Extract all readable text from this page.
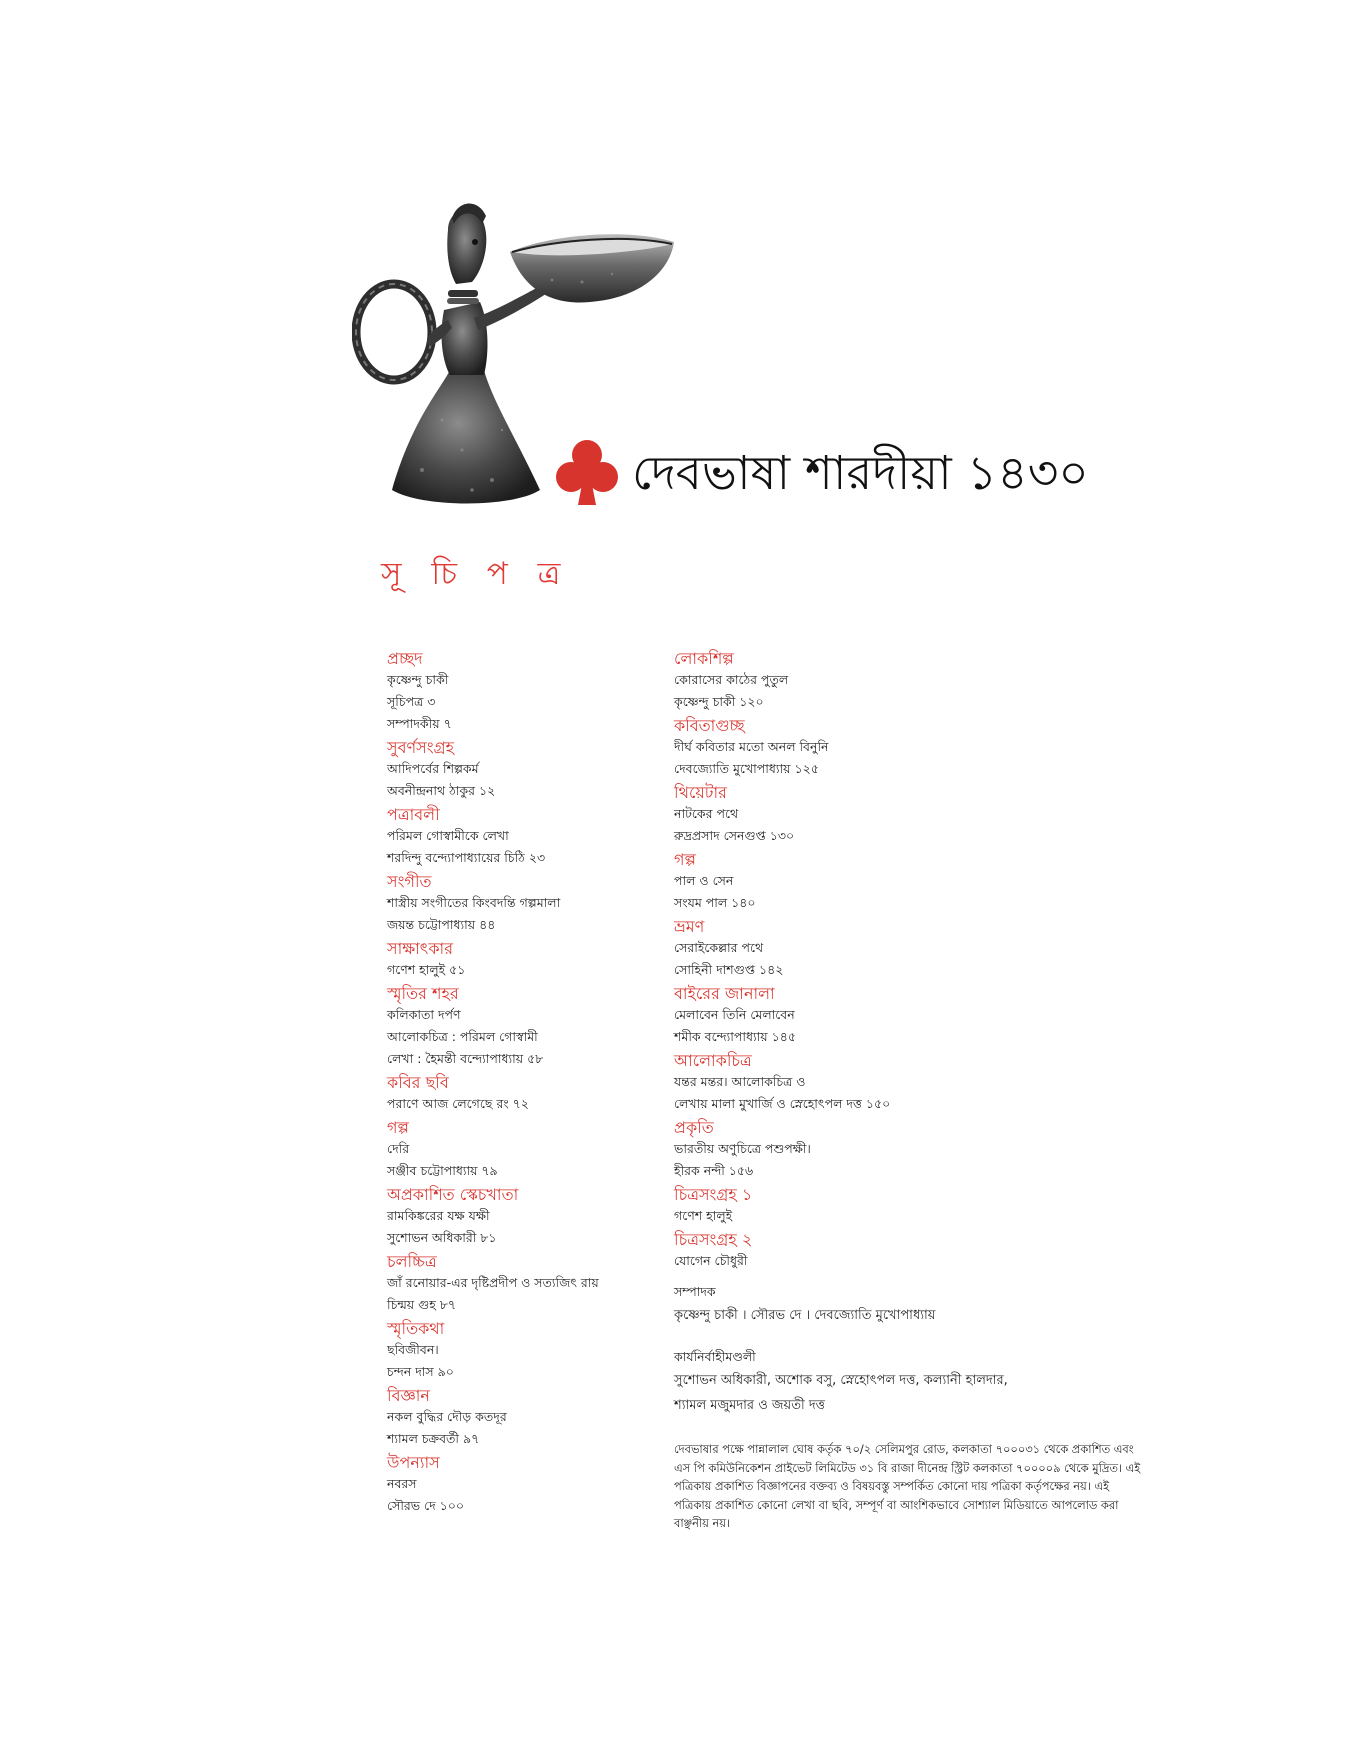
দেবভাষা শারদীয়া ১৪৩০
সূ চি প ত্র
প্রচ্ছদ
কৃষ্ণেন্দু চাকী
সূচিপত্র ৩
সম্পাদকীয় ৭
সুবর্ণসংগ্রহ
আদিপর্বের শিল্পকর্ম
অবনীন্দ্রনাথ ঠাকুর ১২
পত্রাবলী
পরিমল গোস্বামীকে লেখা
শরদিন্দু বন্দ্যোপাধ্যায়ের চিঠি ২৩
সংগীত
শাস্ত্রীয় সংগীতের কিংবদন্তি গল্পমালা
জয়ন্ত চট্টোপাধ্যায় ৪৪
সাক্ষাৎকার
গণেশ হালুই ৫১
স্মৃতির শহর
কলিকাতা দর্পণ
আলোকচিত্র : পরিমল গোস্বামী
লেখা : হৈমন্তী বন্দ্যোপাধ্যায় ৫৮
কবির ছবি
পরাণে আজ লেগেছে রং ৭২
গল্প
দেরি
সঞ্জীব চট্টোপাধ্যায় ৭৯
অপ্রকাশিত স্কেচখাতা
রামকিঙ্করের যক্ষ যক্ষী
সুশোভন অধিকারী ৮১
চলচ্চিত্র
জাঁ রনোয়ার-এর দৃষ্টিপ্রদীপ ও সত্যজিৎ রায়
চিন্ময় গুহ ৮৭
স্মৃতিকথা
ছবিজীবন।
চন্দন দাস ৯০
বিজ্ঞান
নকল বুদ্ধির দৌড় কতদূর
শ্যামল চক্রবর্তী ৯৭
উপন্যাস
নবরস
সৌরভ দে ১০০
লোকশিল্প
কোরাসের কাঠের পুতুল
কৃষ্ণেন্দু চাকী ১২০
কবিতাগুচ্ছ
দীর্ঘ কবিতার মতো অনল বিনুনি
দেবজ্যোতি মুখোপাধ্যায় ১২৫
থিয়েটার
নাটকের পথে
রুদ্রপ্রসাদ সেনগুপ্ত ১৩০
গল্প
পাল ও সেন
সংযম পাল ১৪০
ভ্রমণ
সেরাইকেল্লার পথে
সোহিনী দাশগুপ্ত ১৪২
বাইরের জানালা
মেলাবেন তিনি মেলাবেন
শমীক বন্দ্যোপাধ্যায় ১৪৫
আলোকচিত্র
যন্তর মন্তর। আলোকচিত্র ও
লেখায় মালা মুখার্জি ও স্নেহোৎপল দত্ত ১৫০
প্রকৃতি
ভারতীয় অণুচিত্রে পশুপক্ষী।
হীরক নন্দী ১৫৬
চিত্রসংগ্রহ ১
গণেশ হালুই
চিত্রসংগ্রহ ২
যোগেন চৌধুরী
সম্পাদক
কৃষ্ণেন্দু চাকী । সৌরভ দে । দেবজ্যোতি মুখোপাধ্যায়
কার্যনির্বাহীমণ্ডলী
সুশোভন অধিকারী, অশোক বসু, স্নেহোৎপল দত্ত, কল্যানী হালদার,
শ্যামল মজুমদার ও জয়তী দত্ত
দেবভাষার পক্ষে পান্নালাল ঘোষ কর্তৃক ৭০/২ সেলিমপুর রোড, কলকাতা ৭০০০৩১ থেকে প্রকাশিত এবং এস পি কমিউনিকেশন প্রাইভেট লিমিটেড ৩১ বি রাজা দীনেন্দ্র স্ট্রিট কলকাতা ৭০০০০৯ থেকে মুদ্রিত। এই পত্রিকায় প্রকাশিত বিজ্ঞাপনের বক্তব্য ও বিষয়বস্তু সম্পর্কিত কোনো দায় পত্রিকা কর্তৃপক্ষের নয়। এই পত্রিকায় প্রকাশিত কোনো লেখা বা ছবি, সম্পূর্ণ বা আংশিকভাবে সোশ্যাল মিডিয়াতে আপলোড করা বাঞ্ছনীয় নয়।
